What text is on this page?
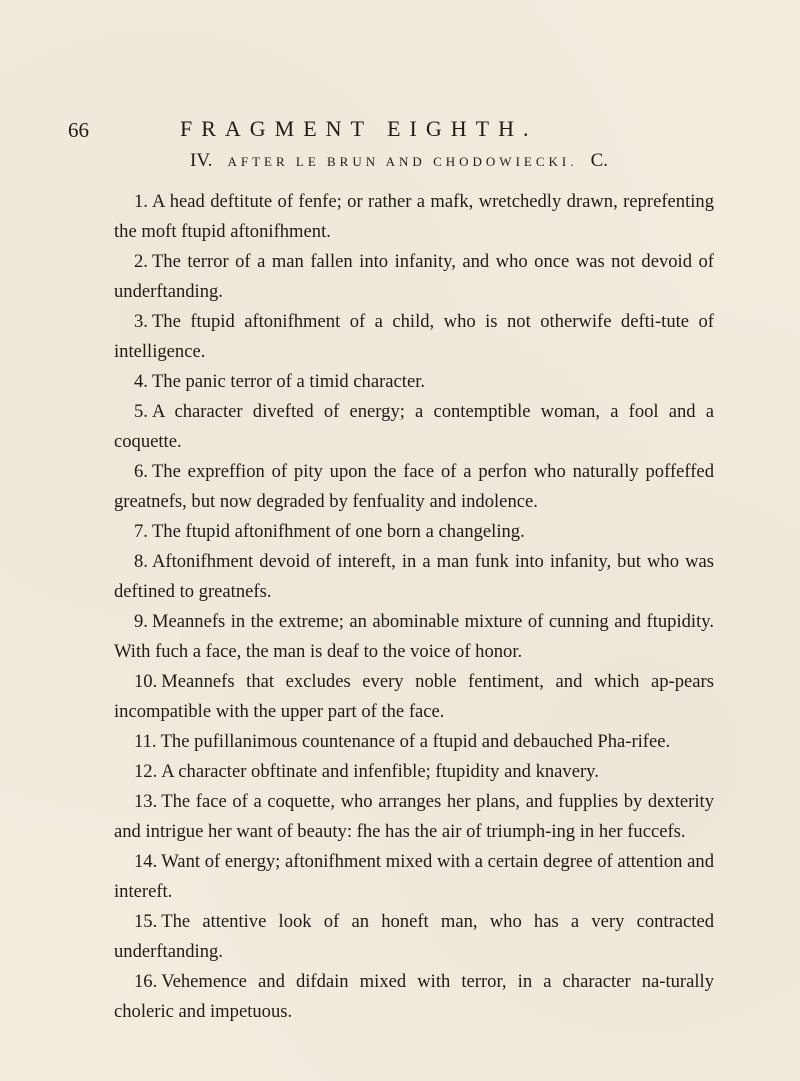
66	FRAGMENT EIGHTH.
IV. AFTER LE BRUN AND CHODOWIECKI. C.
1. A head deftitute of fenfe; or rather a mafk, wretchedly drawn, reprefenting the moft ftupid aftonifhment.
2. The terror of a man fallen into infanity, and who once was not devoid of underftanding.
3. The ftupid aftonifhment of a child, who is not otherwife defti-tute of intelligence.
4. The panic terror of a timid character.
5. A character divefted of energy; a contemptible woman, a fool and a coquette.
6. The expreffion of pity upon the face of a perfon who naturally poffeffed greatnefs, but now degraded by fenfuality and indolence.
7. The ftupid aftonifhment of one born a changeling.
8. Aftonifhment devoid of intereft, in a man funk into infanity, but who was deftined to greatnefs.
9. Meannefs in the extreme; an abominable mixture of cunning and ftupidity. With fuch a face, the man is deaf to the voice of honor.
10. Meannefs that excludes every noble fentiment, and which ap-pears incompatible with the upper part of the face.
11. The pufillanimous countenance of a ftupid and debauched Pha-rifee.
12. A character obftinate and infenfible; ftupidity and knavery.
13. The face of a coquette, who arranges her plans, and fupplies by dexterity and intrigue her want of beauty: fhe has the air of triumph-ing in her fuccefs.
14. Want of energy; aftonifhment mixed with a certain degree of attention and intereft.
15. The attentive look of an honeft man, who has a very contracted underftanding.
16. Vehemence and difdain mixed with terror, in a character na-turally choleric and impetuous.
